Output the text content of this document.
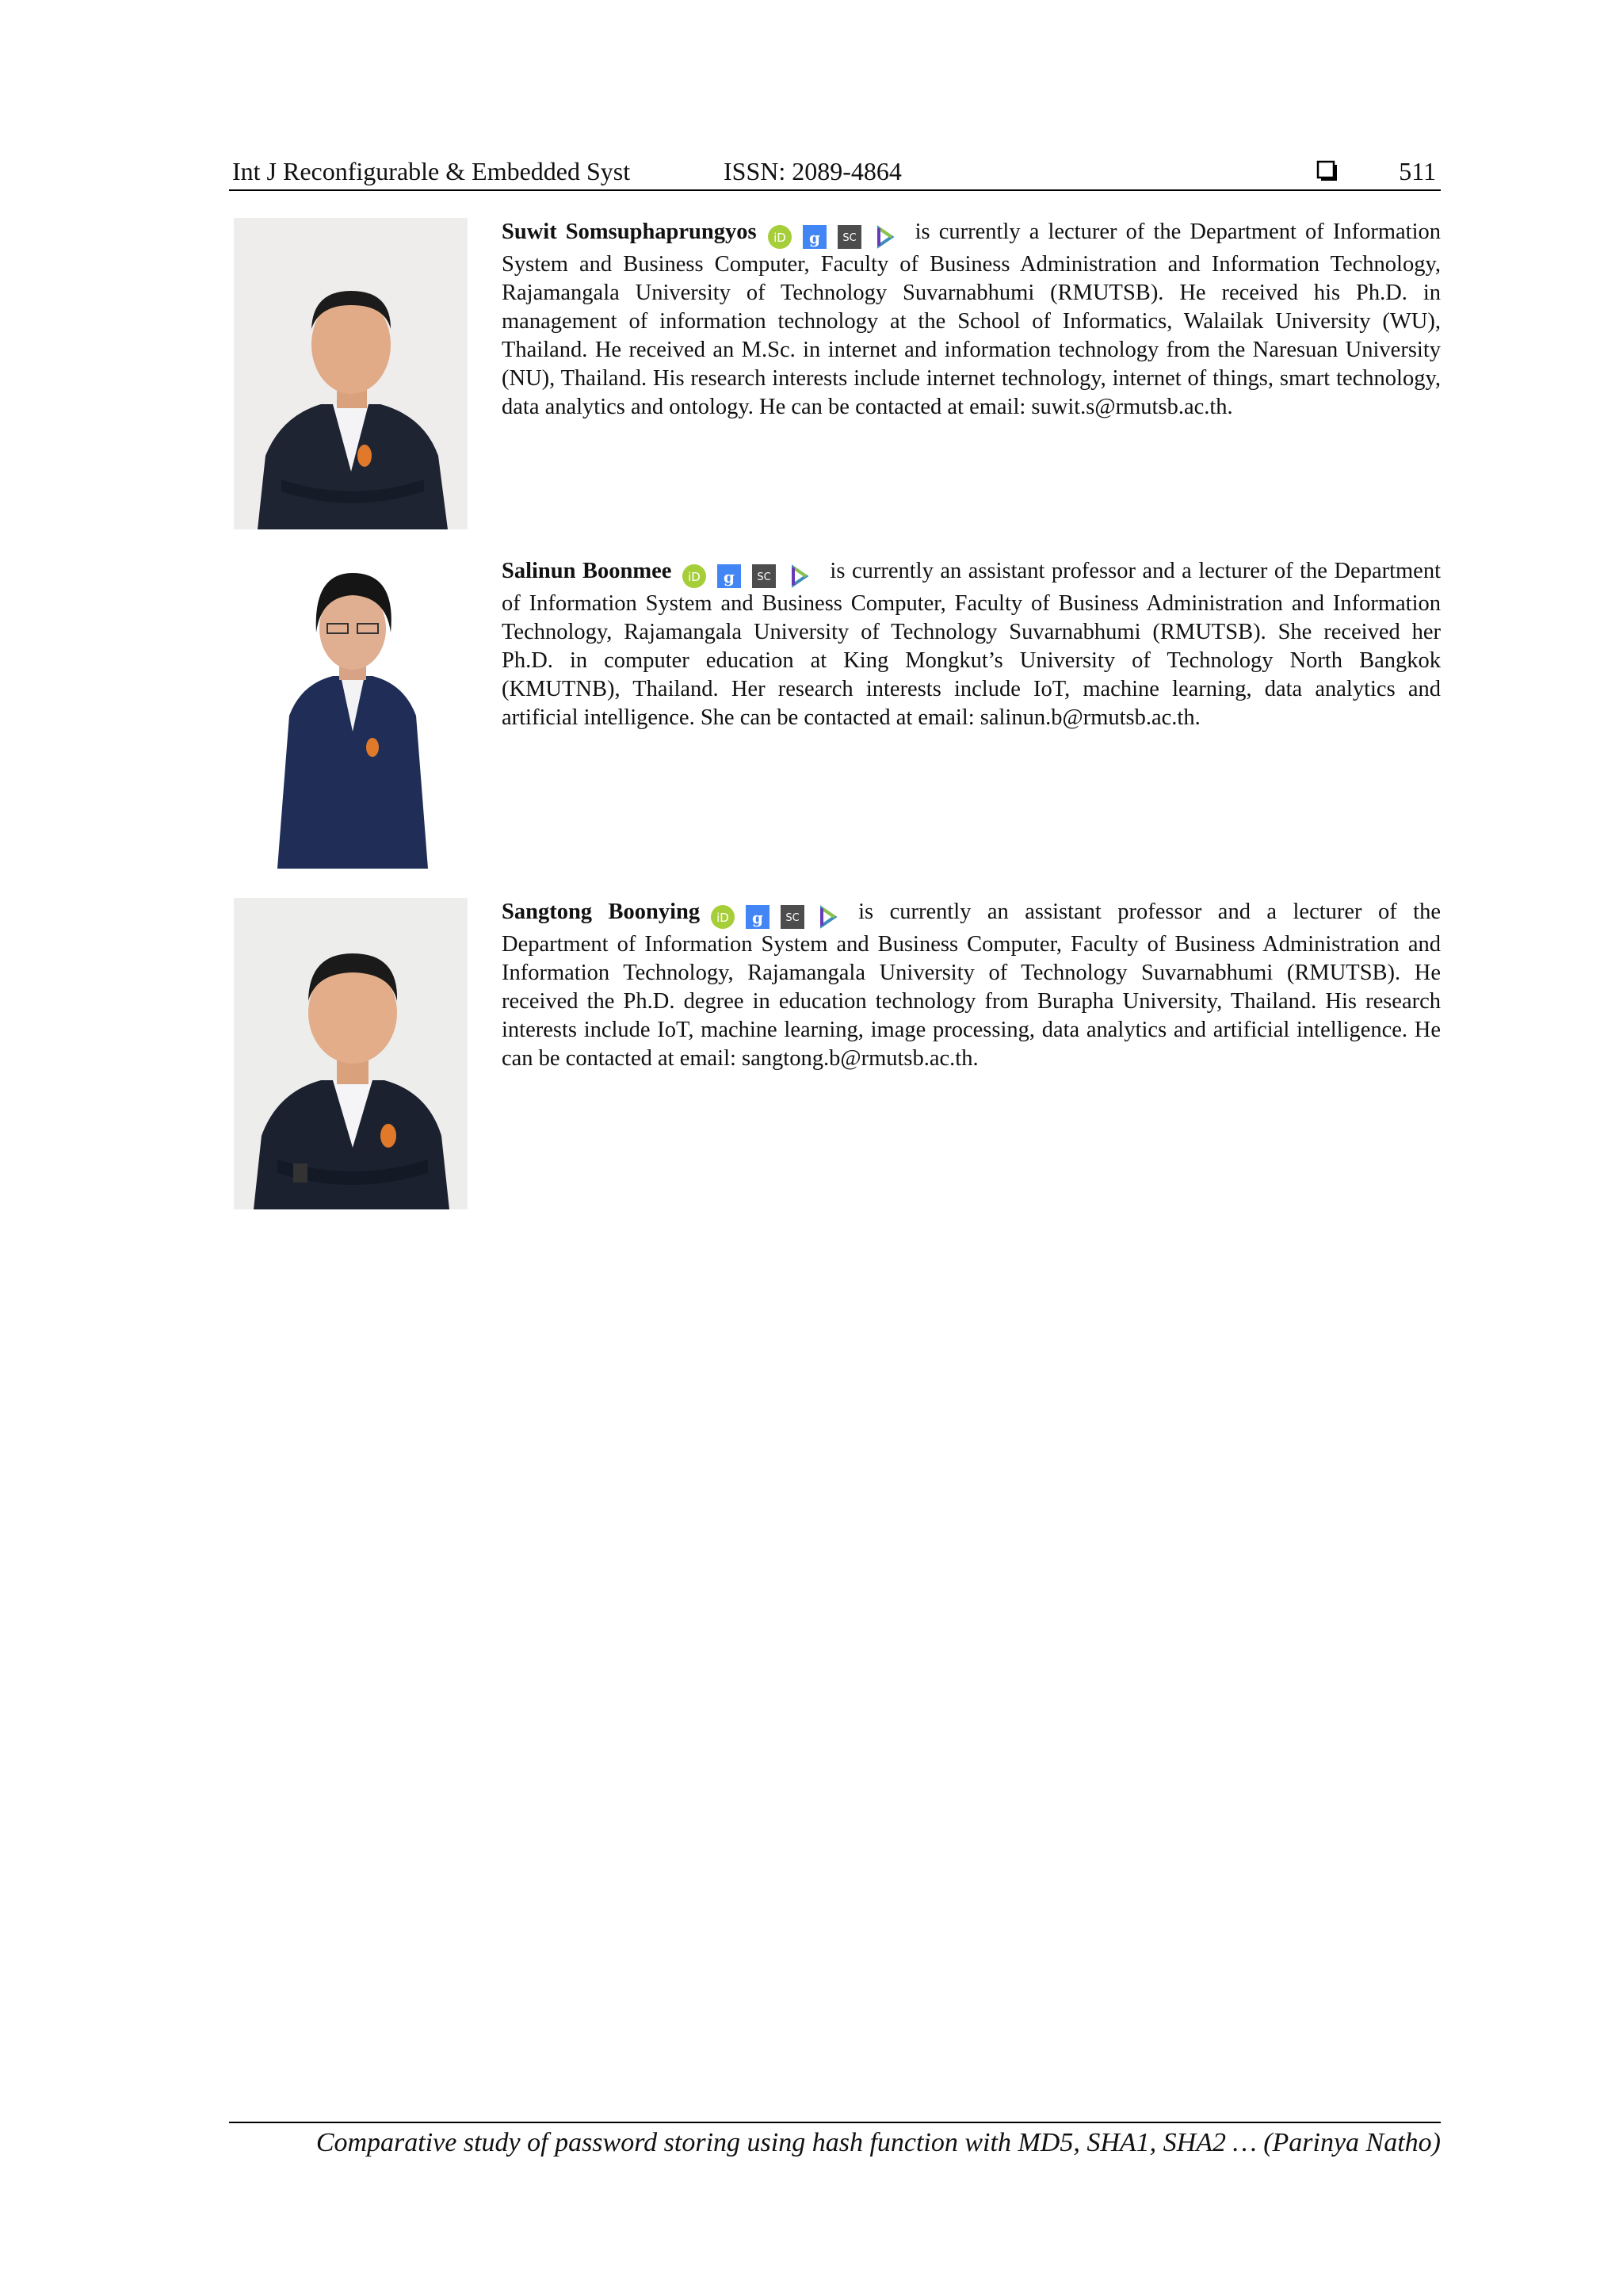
Int J Reconfigurable & Embedded Syst	ISSN: 2089-4864	511
Suwit Somsuphaprungyos iD g SC	is currently a lecturer of the Department of Information System and Business Computer, Faculty of Business Administration and Information Technology, Rajamangala University of Technology Suvarnabhumi (RMUTSB). He received his Ph.D. in management of information technology at the School of Informatics, Walailak University (WU), Thailand. He received an M.Sc. in internet and information technology from the Naresuan University (NU), Thailand. His research interests include internet technology, internet of things, smart technology, data analytics and ontology. He can be contacted at email: suwit.s@rmutsb.ac.th.
Salinun Boonmee iD g SC	is currently an assistant professor and a lecturer of the Department of Information System and Business Computer, Faculty of Business Administration and Information Technology, Rajamangala University of Technology Suvarnabhumi (RMUTSB). She received her Ph.D. in computer education at King Mongkut’s University of Technology North Bangkok (KMUTNB), Thailand. Her research interests include IoT, machine learning, data analytics and artificial intelligence. She can be contacted at email: salinun.b@rmutsb.ac.th.
Sangtong Boonying iD g SC	is currently an assistant professor and a lecturer of the Department of Information System and Business Computer, Faculty of Business Administration and Information Technology, Rajamangala University of Technology Suvarnabhumi (RMUTSB). He received the Ph.D. degree in education technology from Burapha University, Thailand. His research interests include IoT, machine learning, image processing, data analytics and artificial intelligence. He can be contacted at email: sangtong.b@rmutsb.ac.th.
Comparative study of password storing using hash function with MD5, SHA1, SHA2 … (Parinya Natho)
